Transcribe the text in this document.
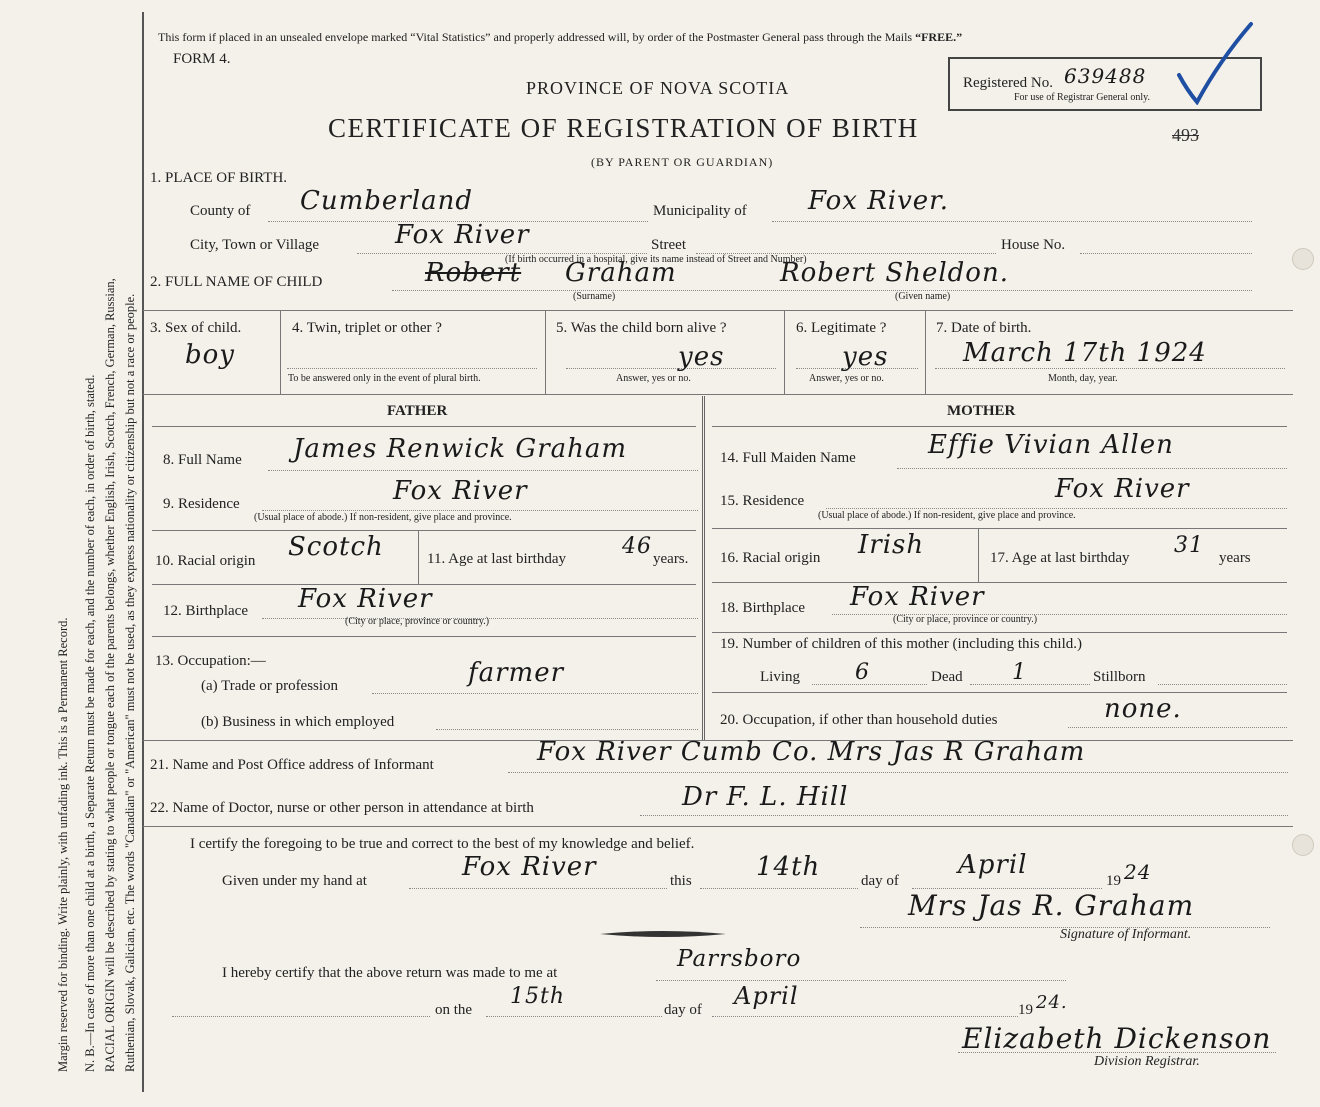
Margin reserved for binding. Write plainly, with unfading ink. This is a Permanent Record. N. B.—In case of more than one child at a birth, a Separate Return must be made for each, and the number of each, in order of birth, stated. RACIAL ORIGIN will be described by stating to what people or tongue each of the parents belongs, whether English, Irish, Scotch, French, German, Russian, Ruthenian, Slovak, Galician, etc. The words "Canadian" or "American" must not be used, as they express nationality or citizenship but not a race or people.
This form if placed in an unsealed envelope marked “Vital Statistics” and properly addressed will, by order of the Postmaster General pass through the Mails “FREE.”
FORM 4.
PROVINCE OF NOVA SCOTIA
CERTIFICATE OF REGISTRATION OF BIRTH
(BY PARENT OR GUARDIAN)
Registered No. 639488
For use of Registrar General only.
493
1. PLACE OF BIRTH.
County of Cumberland	Municipality of Fox River.
City, Town or Village	Fox River	Street	House No.
(If birth occurred in a hospital, give its name instead of Street and Number)
2. FULL NAME OF CHILD	Robert Graham	Robert Sheldon.
(Surname)	(Given name)
3. Sex of child.
boy
4. Twin, triplet or other ?
To be answered only in the event of plural birth.
5. Was the child born alive ?
yes
Answer, yes or no.
6. Legitimate ?
yes
Answer, yes or no.
7. Date of birth.
March 17th 1924
Month, day, year.
FATHER	MOTHER
8. Full Name James Renwick Graham
9. Residence	Fox River
(Usual place of abode.) If non-resident, give place and province.
10. Racial origin Scotch	11. Age at last birthday	46 years.
12. Birthplace Fox River
(City or place, province or country.)
13. Occupation:—
(a) Trade or profession	farmer
(b) Business in which employed
14. Full Maiden Name	Effie Vivian Allen
15. Residence	Fox River
(Usual place of abode.) If non-resident, give place and province.
16. Racial origin Irish	17. Age at last birthday 31 years
18. Birthplace Fox River
(City or place, province or country.)
19. Number of children of this mother (including this child.)
Living	6	Dead 1	Stillborn
20. Occupation, if other than household duties	none.
21. Name and Post Office address of Informant	Fox River Cumb Co. Mrs Jas R Graham
22. Name of Doctor, nurse or other person in attendance at birth	Dr F. L. Hill
I certify the foregoing to be true and correct to the best of my knowledge and belief.
Given under my hand at	Fox River	this 14th	day of
April
19 24
Mrs Jas R. Graham
Signature of Informant.
I hereby certify that the above return was made to me at
Parrsboro
on the
15th
day of April	19 24.
Elizabeth Dickenson
Division Registrar.
